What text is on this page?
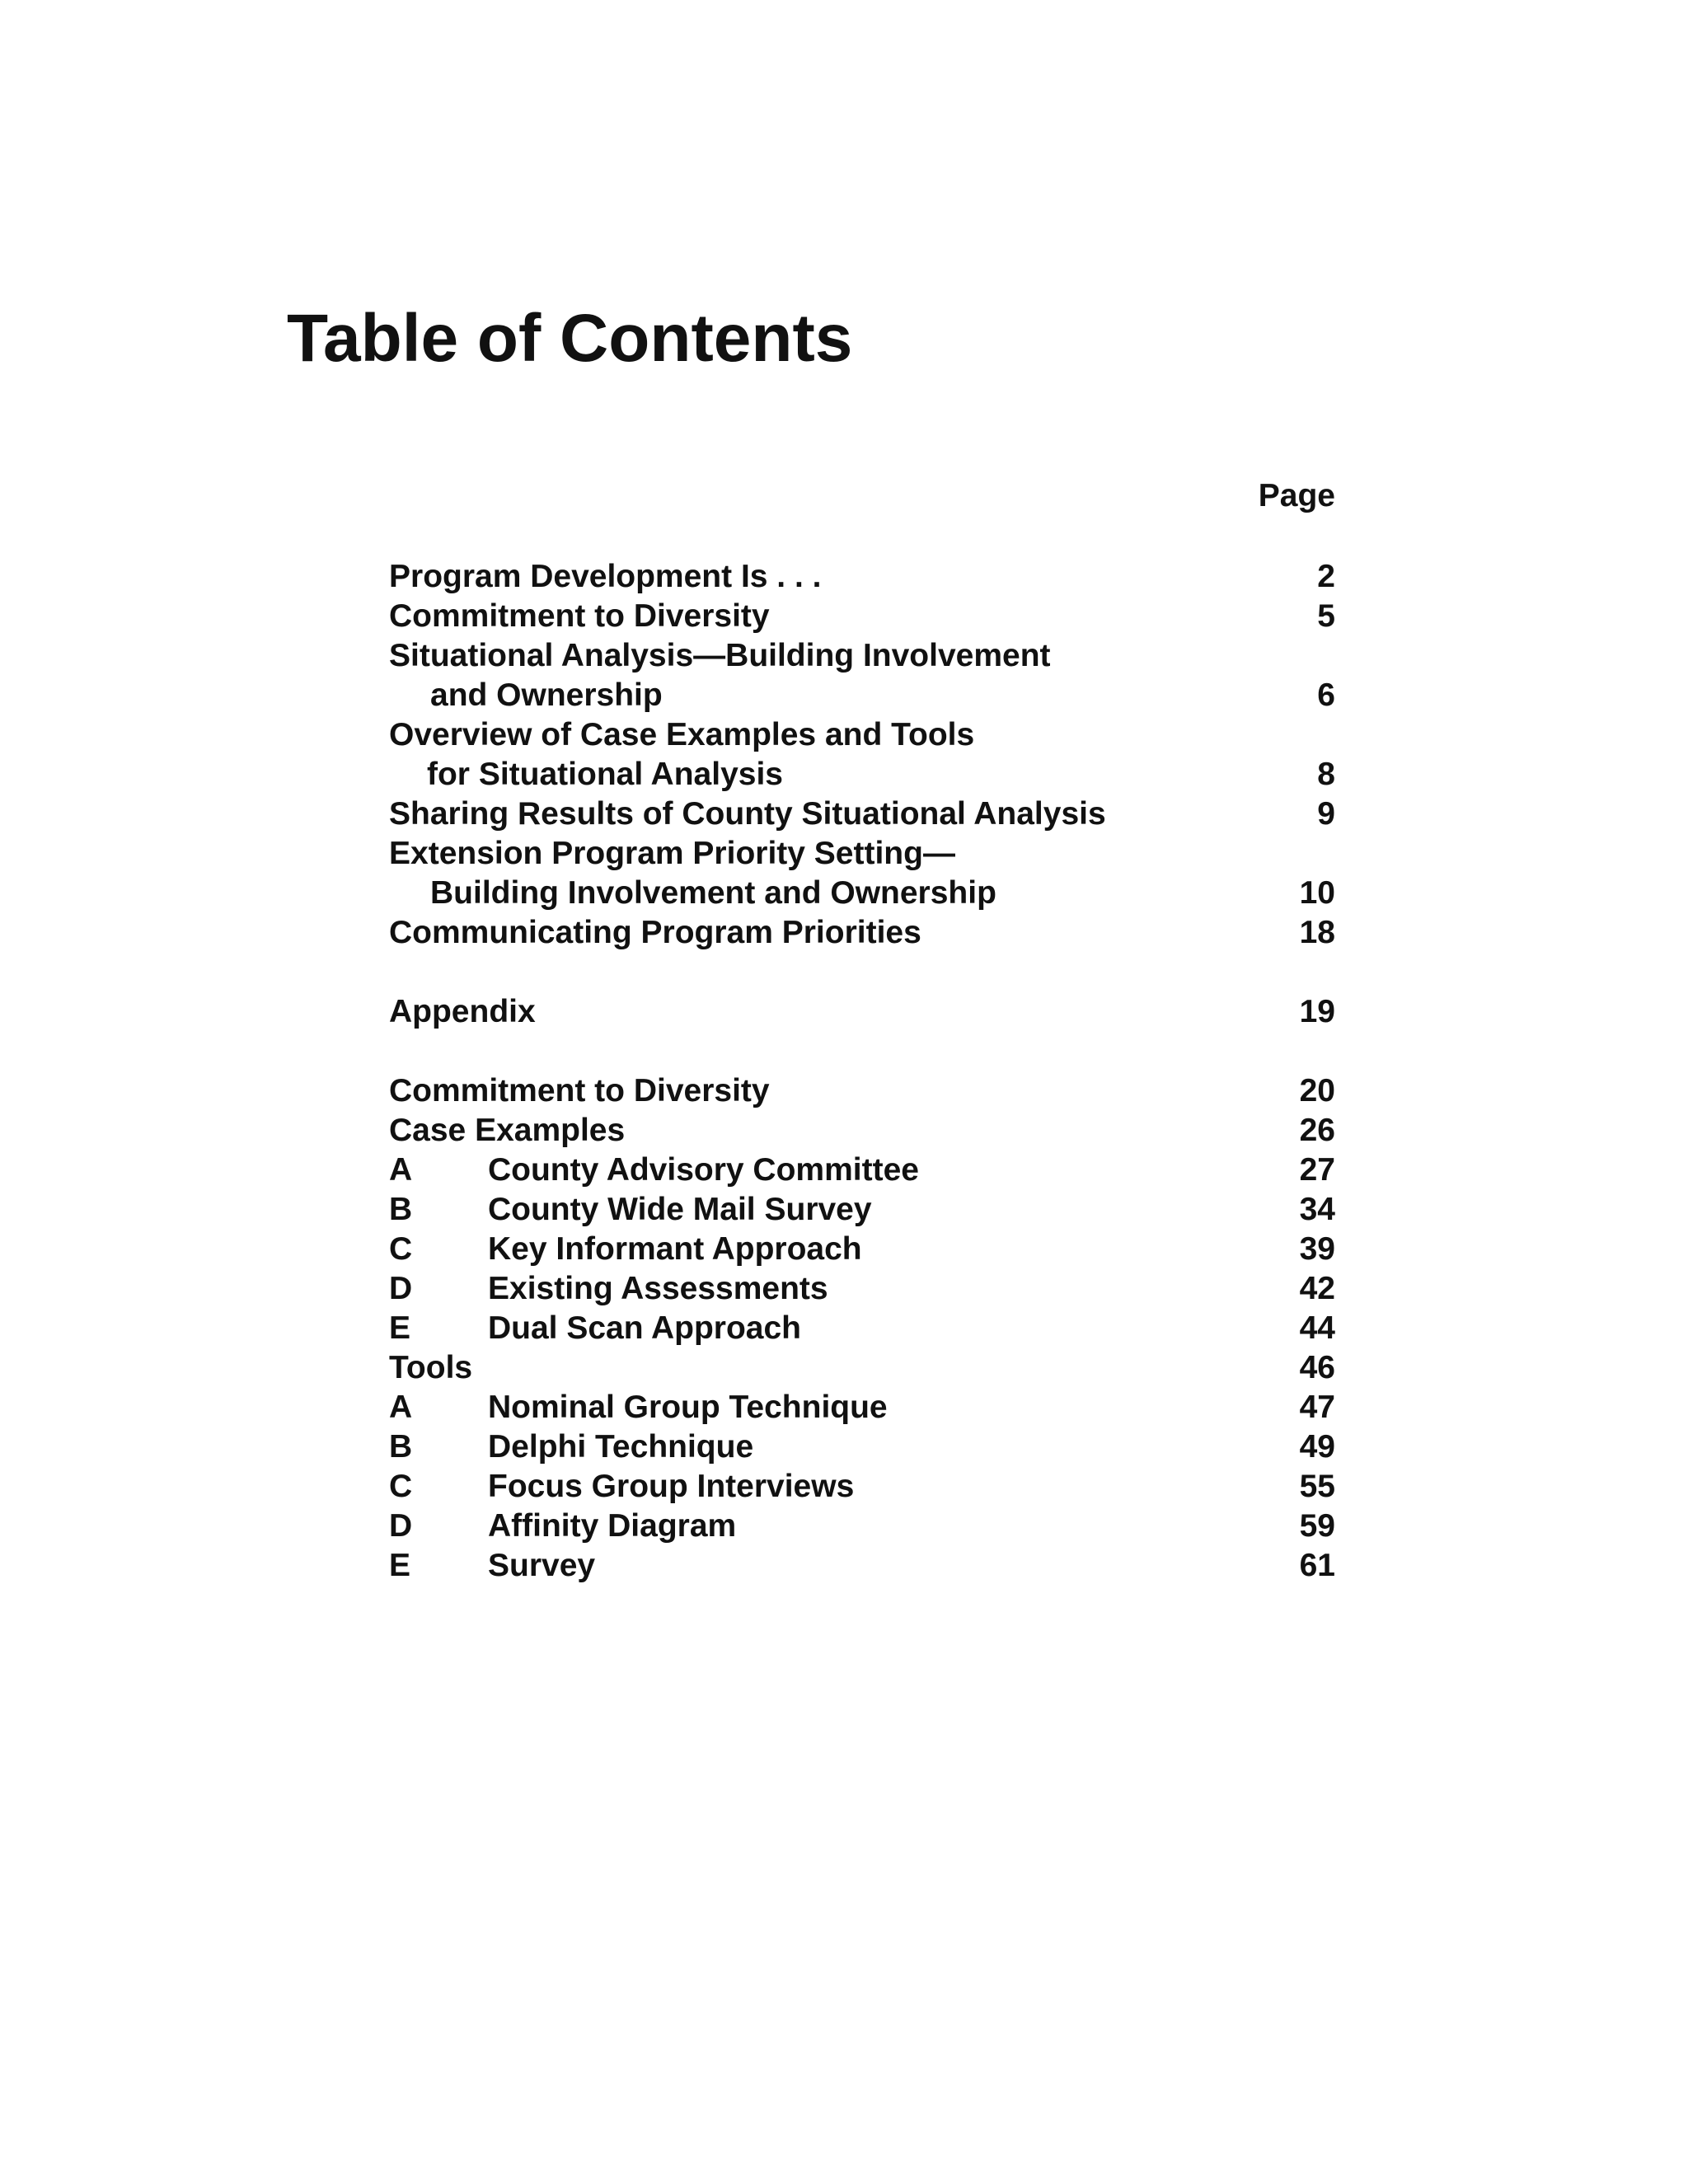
Table of Contents
Page
Program Development Is . . .	2
Commitment to Diversity	5
Situational Analysis—Building Involvement
and Ownership	6
Overview of Case Examples and Tools
for Situational Analysis	8
Sharing Results of County Situational Analysis	9
Extension Program Priority Setting—
Building Involvement and Ownership	10
Communicating Program Priorities	18
Appendix	19
Commitment to Diversity	20
Case Examples	26
A County Advisory Committee	27
B County Wide Mail Survey	34
C Key Informant Approach	39
D Existing Assessments	42
E Dual Scan Approach	44
Tools	46
A Nominal Group Technique	47
B Delphi Technique	49
C Focus Group Interviews	55
D Affinity Diagram	59
E Survey	61
